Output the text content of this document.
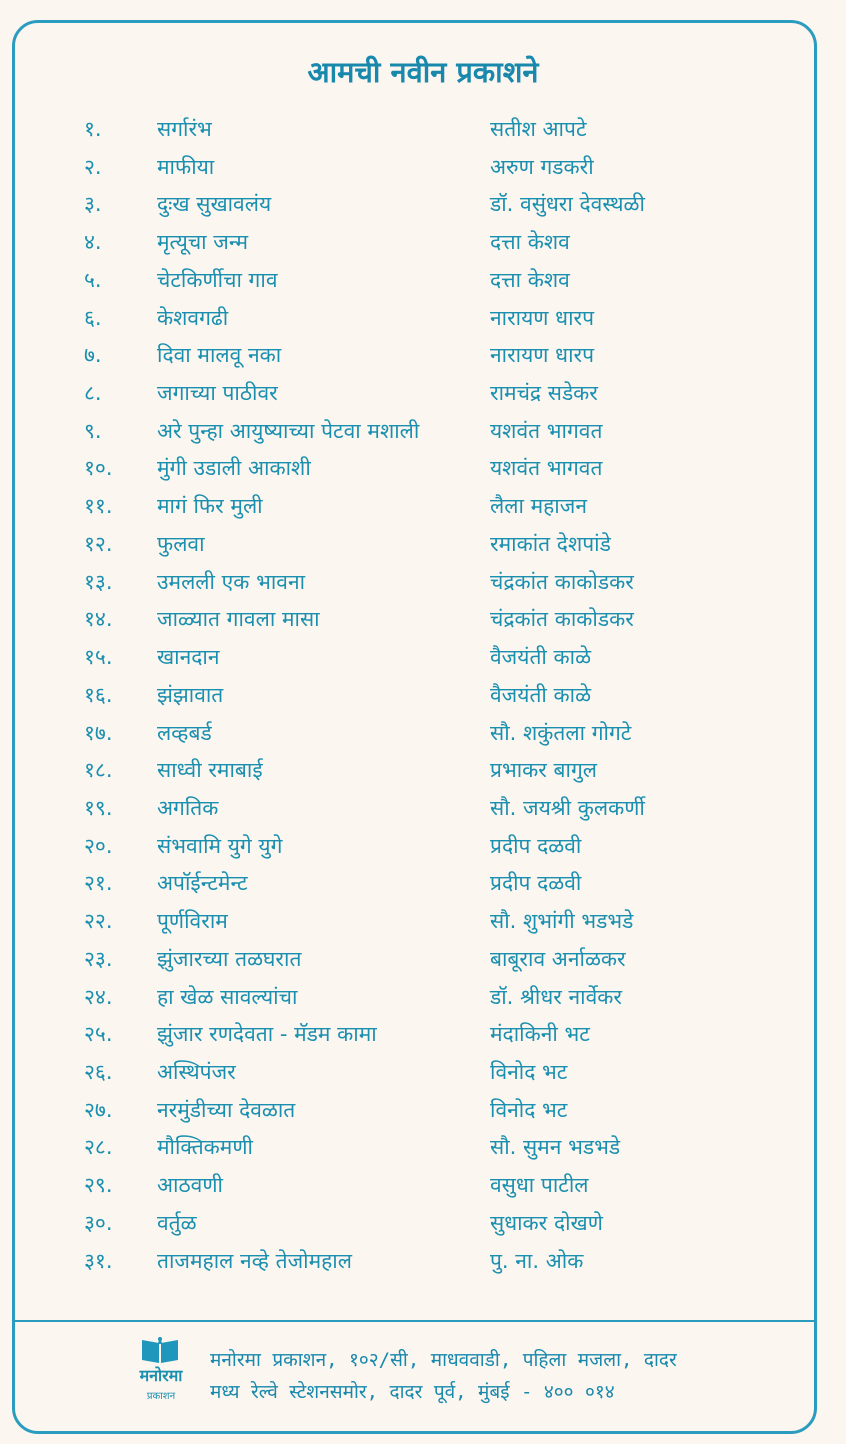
आमची नवीन प्रकाशने
१.	सर्गारंभ	सतीश आपटे
२.	माफीया	अरुण गडकरी
३.	दुःख सुखावलंय	डॉ. वसुंधरा देवस्थळी
४.	मृत्यूचा जन्म	दत्ता केशव
५.	चेटकिर्णीचा गाव	दत्ता केशव
६.	केशवगढी	नारायण धारप
७.	दिवा मालवू नका	नारायण धारप
८.	जगाच्या पाठीवर	रामचंद्र सडेकर
९.	अरे पुन्हा आयुष्याच्या पेटवा मशाली	यशवंत भागवत
१०. मुंगी उडाली आकाशी	यशवंत भागवत
११. मागं फिर मुली	लैला महाजन
१२. फुलवा	रमाकांत देशपांडे
१३. उमलली एक भावना	चंद्रकांत काकोडकर
१४. जाळ्यात गावला मासा	चंद्रकांत काकोडकर
१५. खानदान	वैजयंती काळे
१६. झंझावात	वैजयंती काळे
१७. लव्हबर्ड	सौ. शकुंतला गोगटे
१८. साध्वी रमाबाई	प्रभाकर बागुल
१९. अगतिक	सौ. जयश्री कुलकर्णी
२०. संभवामि युगे युगे	प्रदीप दळवी
२१. अपॉईन्टमेन्ट	प्रदीप दळवी
२२. पूर्णविराम	सौ. शुभांगी भडभडे
२३. झुंजारच्या तळघरात	बाबूराव अर्नाळकर
२४. हा खेळ सावल्यांचा	डॉ. श्रीधर नार्वेकर
२५. झुंजार रणदेवता - मॅडम कामा	मंदाकिनी भट
२६. अस्थिपंजर	विनोद भट
२७. नरमुंडीच्या देवळात	विनोद भट
२८. मौक्तिकमणी	सौ. सुमन भडभडे
२९. आठवणी	वसुधा पाटील
३०. वर्तुळ	सुधाकर दोखणे
३१. ताजमहाल नव्हे तेजोमहाल	पु. ना. ओक
मनोरमा
प्रकाशन
मनोरमा प्रकाशन, १०२/सी, माधववाडी, पहिला मजला, दादर
मध्य रेल्वे स्टेशनसमोर, दादर पूर्व, मुंबई - ४०० ०१४
